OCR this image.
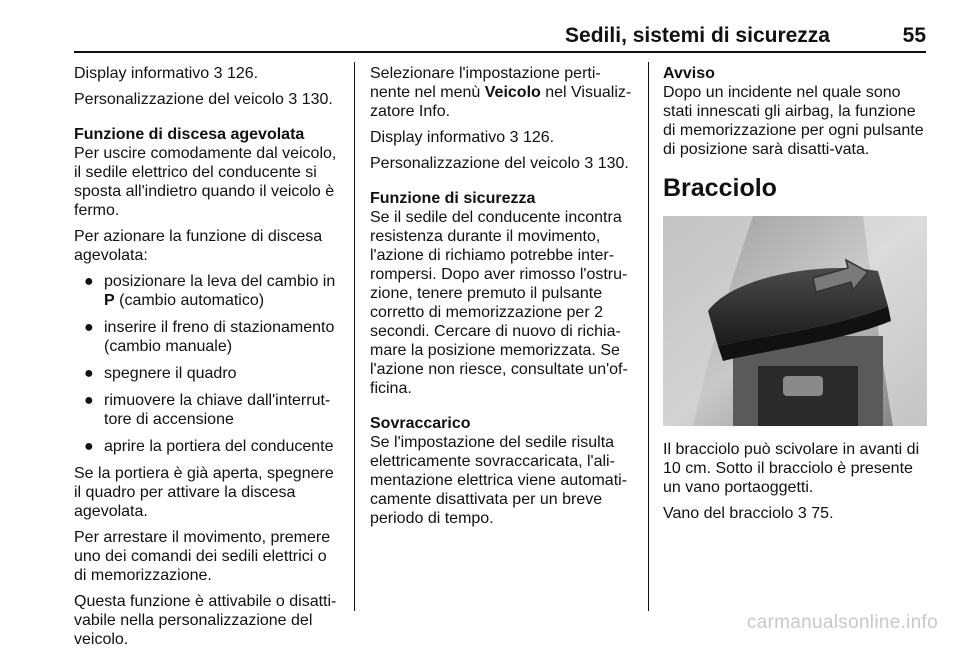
Sedili, sistemi di sicurezza	55

Display informativo 3 126.

Personalizzazione del veicolo 3 130.

Funzione di discesa agevolata

Per uscire comodamente dal veicolo, il sedile elettrico del conducente si sposta all'indietro quando il veicolo è fermo.

Per azionare la funzione di discesa agevolata:

● posizionare la leva del cambio in
P (cambio automatico)
● inserire il freno di stazionamento (cambio manuale)
● spegnere il quadro
● rimuovere la chiave dall'interrut-tore di accensione
● aprire la portiera del conducente

Se la portiera è già aperta, spegnere il quadro per attivare la discesa agevolata.

Per arrestare il movimento, premere uno dei comandi dei sedili elettrici o di memorizzazione.

Questa funzione è attivabile o disatti-vabile nella personalizzazione del veicolo.

Selezionare l'impostazione perti-nente nel menù Veicolo nel Visualiz-zatore Info.

Display informativo 3 126.

Personalizzazione del veicolo 3 130.

Funzione di sicurezza

Se il sedile del conducente incontra resistenza durante il movimento, l'azione di richiamo potrebbe inter-rompersi. Dopo aver rimosso l'ostru-zione, tenere premuto il pulsante corretto di memorizzazione per 2 secondi. Cercare di nuovo di richia-mare la posizione memorizzata. Se l'azione non riesce, consultate un'of-ficina.

Sovraccarico

Se l'impostazione del sedile risulta elettricamente sovraccaricata, l'ali-mentazione elettrica viene automati-camente disattivata per un breve periodo di tempo.

Avviso

Dopo un incidente nel quale sono stati innescati gli airbag, la funzione di memorizzazione per ogni pulsante di posizione sarà disatti-vata.

Bracciolo

Il bracciolo può scivolare in avanti di 10 cm. Sotto il bracciolo è presente un vano portaoggetti.

Vano del bracciolo 3 75.

carmanualsonline.info
